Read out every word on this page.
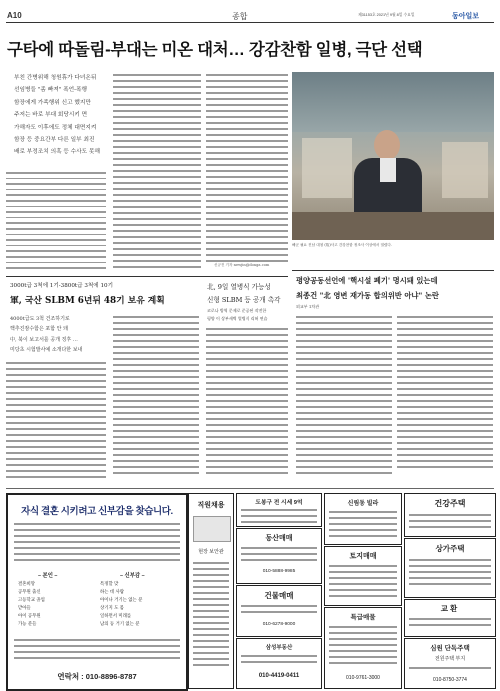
A10	종합	제31153호 2021년 9월 8일 수요일	동아일보
구타에 따돌림-부대는 미온 대처… 강감찬함 일병, 극단 선택
부친 간병위해 청원휴가 다녀온뒤
선임병들 "좀 빠져" 폭언-폭행
함장에게 가족행위 신고 했지만
주저는 바로 부대 회당시키 면
가해자도 이후에도 정체 대면지켜
함장 등 중요간부 다른 일부 최진
배로 부정조치 의혹 등 수사도 못해
신규진 기자 newjin@donga.com
해군 필요 진남 대청 (故)사고 간강찬함 정조사 이상에서 열렸다.
평양공동선언에 '핵시설 폐기' 명시돼 있는데
최종건 "北 영변 재가동 합의위반 아냐" 논란
외교부 1차관
3000t급 3척에 1기-3800t급 3척에 10기
軍, 국산 SLBM 6년뒤 48기 보유 계획
4000t급도 3척 건조하기로
핵추진잠수함은 포함 안 돼
中, 북이 보고서를 공개 징후 …
미당초 시험발사예 소개다한 보내
北, 9일 열병식 가능성
신형 SLBM 등 공개 촉각
코로나 방역 문제로 준공된 작전한
평양 이 상부새벽 열병식 리허 연습
자식 결혼 시키려고 신부감을 찾습니다.
– 본인 –	– 신부감 –
결혼희망
공무원 출신
고등학교 졸업
맏아들
아이 공무원
가능 분들
특정할 맞
하는 데 사람
아이나 거기는 없는 분
상기지 도 몸
일하면서 미래를
남의 등 거기 없는 분
연락처 : 010-8896-8787
직원채용
현장 보안관
도봉구 전 시세 9억
동산매매
010-5888-9985
건물매매
010-6278-9000
삼성부동산
010-4419-0411
신림동 빌라
토지매매
특급매물
010-9761-3000
건강주택
상가주택
교환
심원 단독주택
전원주택 부지
010-8750-3774
